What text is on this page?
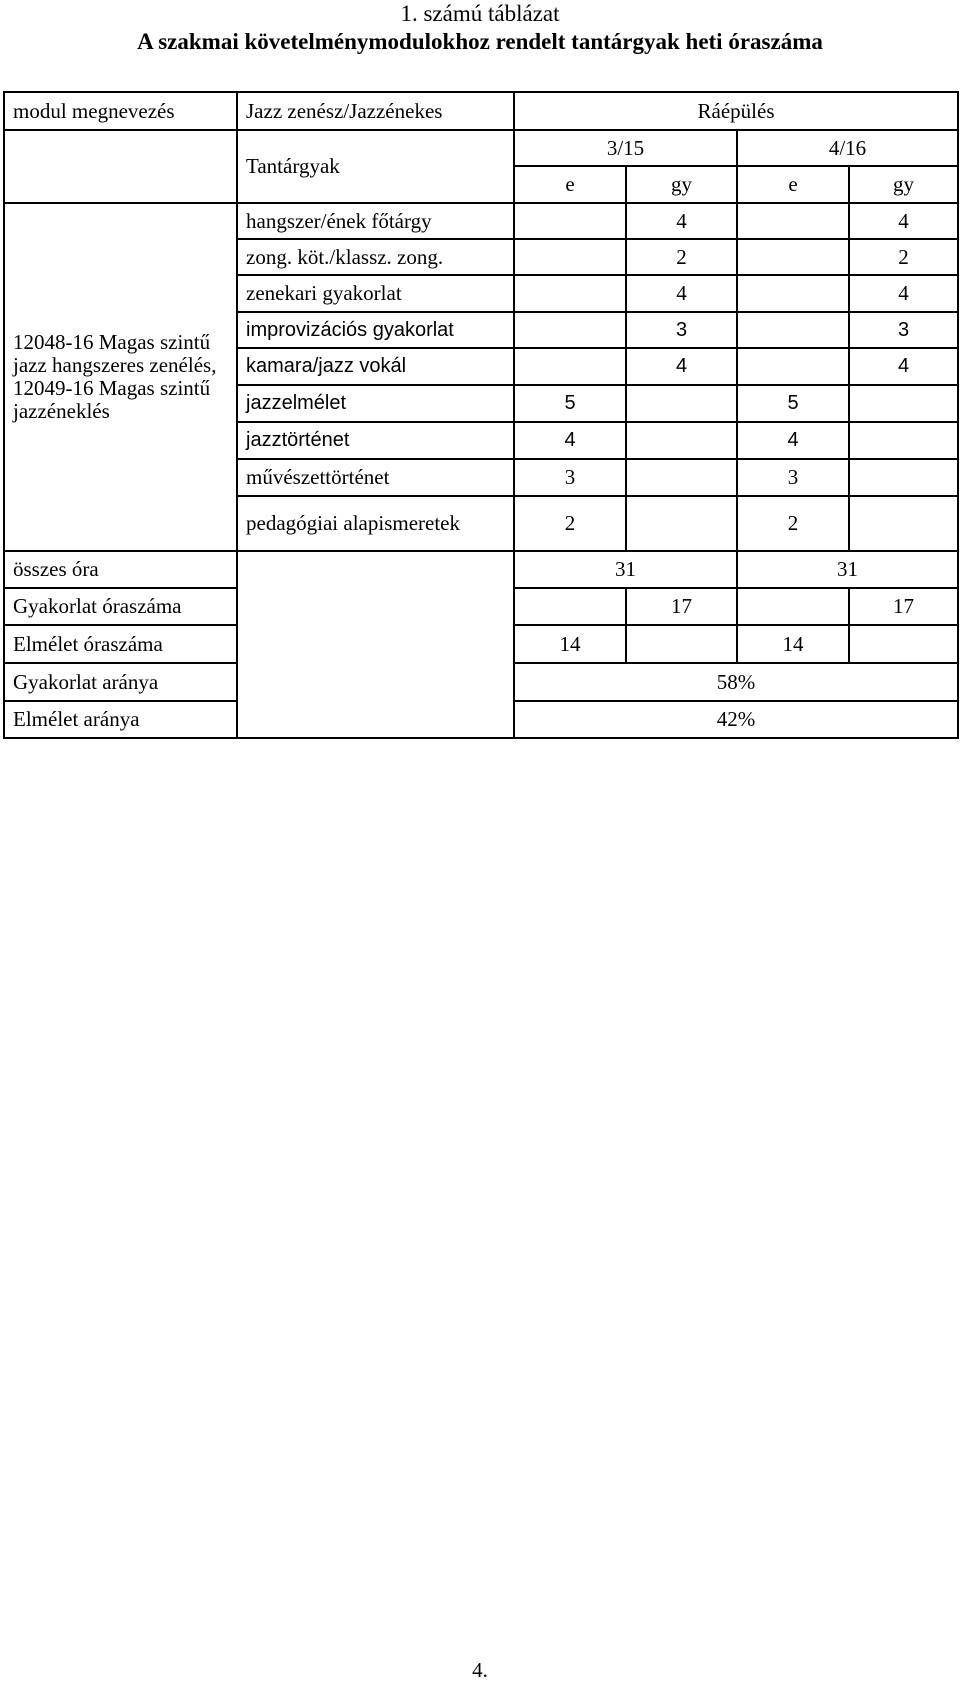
1. számú táblázat
A szakmai követelménymodulokhoz rendelt tantárgyak heti óraszáma
modul megnevezés	Jazz zenész/Jazzénekes	Ráépülés			
	Tantárgyak	3/15		4/16	
		e	gy	e	gy
12048-16 Magas szintű jazz hangszeres zenélés, 12049-16 Magas szintű jazzéneklés	hangszer/ének főtárgy		4		4
	zong. köt./klassz. zong.		2		2
	zenekari gyakorlat		4		4
	improvizációs gyakorlat		3		3
	kamara/jazz vokál		4		4
	jazzelmélet	5		5	
	jazztörténet	4		4	
	művészettörténet	3		3	
	pedagógiai alapismeretek	2		2	
összes óra		31		31	
Gyakorlat óraszáma			17		17
Elmélet óraszáma		14		14	
Gyakorlat aránya		58%			
Elmélet aránya		42%			
4.
